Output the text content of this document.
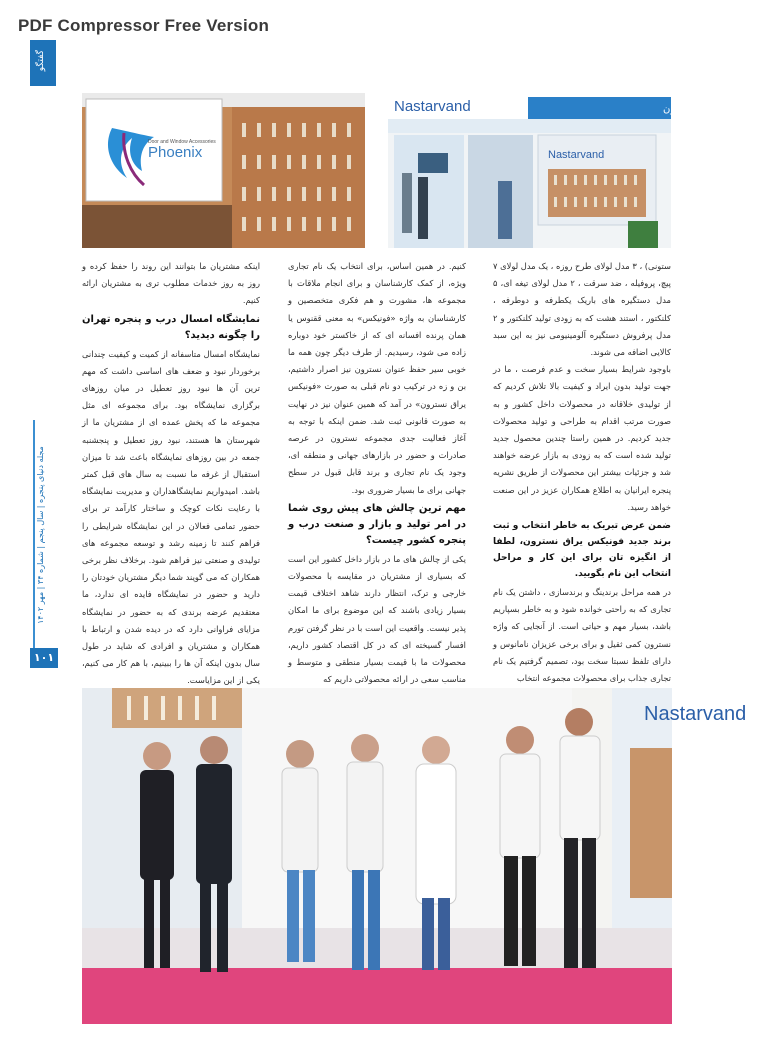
PDF Compressor Free Version
گفتگو
مجله دنیای پنجره | سال پنجم | شماره ۳۴ | مهر ۱۴۰۲
۱۰۱
Phoenix
Door and Window Accessories
Nastarvand	فونیکس یراق نسترون
Nastarvand

ستونی) ، ۳ مدل لولای طرح روزه ، یک مدل لولای ۷ پیچ، پروفیله ، ضد سرقت ، ۲ مدل لولای تیغه ای، ۵ مدل دستگیره های باریک یکطرفه و دوطرفه ، کلنکتور ، استند هشت که به زودی تولید کلنکتور و ۲ مدل پرفروش دستگیره آلومینیومی نیز به این سبد کالایی اضافه می شوند.

باوجود شرایط بسیار سخت و عدم فرصت ، ما در جهت تولید بدون ایراد و کیفیت بالا تلاش کردیم که از تولیدی خلاقانه در محصولات داخل کشور و به صورت مرتب اقدام به طراحی و تولید محصولات جدید کردیم. در همین راستا چندین محصول جدید تولید شده است که به زودی به بازار عرضه خواهند شد و جزئیات بیشتر این محصولات از طریق نشریه پنجره ایرانیان به اطلاع همکاران عزیز در این صنعت خواهد رسید.

ضمن عرض تبریک به خاطر انتخاب و ثبت برند جدید فونیکس یراق نسترون، لطفا از انگیزه تان برای این کار و مراحل انتخاب این نام بگویید.

در همه مراحل برندینگ و برندسازی ، داشتن یک نام تجاری که به راحتی خوانده شود و به خاطر بسپاریم باشد، بسیار مهم و حیاتی است. از آنجایی که واژه نسترون کمی ثقیل و برای برخی عزیزان نامانوس و دارای تلفظ نسبتا سخت بود، تصمیم گرفتیم یک نام تجاری جذاب برای محصولات مجموعه انتخاب

کنیم. در همین اساس، برای انتخاب یک نام تجاری ویژه، از کمک کارشناسان و برای انجام ملاقات با مجموعه ها، مشورت و هم فکری متخصصین و کارشناسان به واژه «فونیکس» به معنی ققنوس یا همان پرنده افسانه ای که از خاکستر خود دوباره زاده می شود، رسیدیم. از طرف دیگر چون همه ما خوبی سیر حفظ عنوان نسترون نیز اصرار داشتیم، بن و زه در ترکیب دو نام قبلی به صورت «فونیکس یراق نسترون» در آمد که همین عنوان نیز در نهایت به صورت قانونی ثبت شد. ضمن اینکه با توجه به آغاز فعالیت جدی مجموعه نسترون در عرصه صادرات و حضور در بازارهای جهانی و منطقه ای، وجود یک نام تجاری و برند قابل قبول در سطح جهانی برای ما بسیار ضروری بود.

مهم ترین چالش های پیش روی شما در امر تولید و بازار و صنعت درب و پنجره کشور چیست؟

یکی از چالش های ما در بازار داخل کشور این است که بسیاری از مشتریان در مقایسه با محصولات خارجی و ترک، انتظار دارند شاهد اختلاف قیمت بسیار زیادی باشند که این موضوع برای ما امکان پذیر نیست. واقعیت این است با در نظر گرفتن تورم افسار گسیخته ای که در کل اقتصاد کشور داریم، محصولات ما با قیمت بسیار منطقی و متوسط و مناسب سعی در ارائه محصولاتی داریم که

اینکه مشتریان ما بتوانند این روند را حفظ کرده و روز به روز خدمات مطلوب تری به مشتریان ارائه کنیم.

نمایشگاه امسال درب و پنجره تهران را چگونه دیدید؟

نمایشگاه امسال متاسفانه از کمیت و کیفیت چندانی برخوردار نبود و ضعف های اساسی داشت که مهم ترین آن ها نبود روز تعطیل در میان روزهای برگزاری نمایشگاه بود. برای مجموعه ای مثل مجموعه ما که پخش عمده ای از مشتریان ما از شهرستان ها هستند، نبود روز تعطیل و پنجشنبه جمعه در بین روزهای نمایشگاه باعث شد تا میزان استقبال از غرفه ما نسبت به سال های قبل کمتر باشد. امیدواریم نمایشگاهداران و مدیریت نمایشگاه با رعایت نکات کوچک و ساختار کارآمد تر برای حضور تمامی فعالان در این نمایشگاه شرایطی را فراهم کنند تا زمینه رشد و توسعه مجموعه های تولیدی و صنعتی نیز فراهم شود. برخلاف نظر برخی همکاران که می گویند شما دیگر مشتریان خودتان را دارید و حضور در نمایشگاه فایده ای ندارد، ما معتقدیم عرضه برندی که به حضور در نمایشگاه مزایای فراوانی دارد که در دیده شدن و ارتباط با همکاران و مشتریان و افرادی که شاید در طول سال بدون اینکه آن ها را ببینیم، با هم کار می کنیم، یکی از این مزایاست.

Nastarvand
